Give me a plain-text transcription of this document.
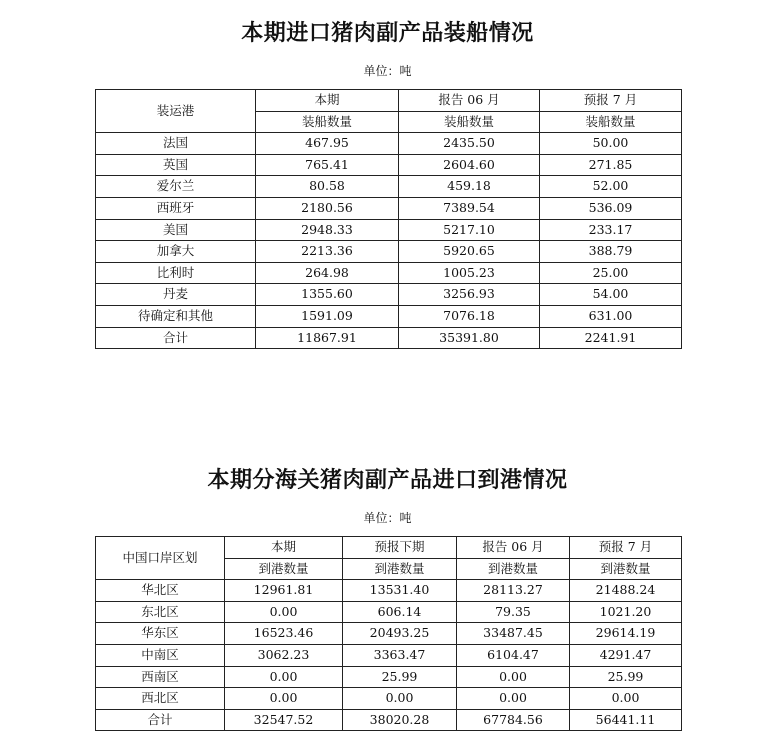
本期进口猪肉副产品装船情况
单位：吨
装运港	本期	报告 06 月	预报 7 月
	装船数量	装船数量	装船数量
法国	467.95	2435.50	50.00
英国	765.41	2604.60	271.85
爱尔兰	80.58	459.18	52.00
西班牙	2180.56	7389.54	536.09
美国	2948.33	5217.10	233.17
加拿大	2213.36	5920.65	388.79
比利时	264.98	1005.23	25.00
丹麦	1355.60	3256.93	54.00
待确定和其他	1591.09	7076.18	631.00
合计	11867.91	35391.80	2241.91
本期分海关猪肉副产品进口到港情况
单位：吨
中国口岸区划	本期	预报下期	报告 06 月	预报 7 月
	到港数量	到港数量	到港数量	到港数量
华北区	12961.81	13531.40	28113.27	21488.24
东北区	0.00	606.14	79.35	1021.20
华东区	16523.46	20493.25	33487.45	29614.19
中南区	3062.23	3363.47	6104.47	4291.47
西南区	0.00	25.99	0.00	25.99
西北区	0.00	0.00	0.00	0.00
合计	32547.52	38020.28	67784.56	56441.11
